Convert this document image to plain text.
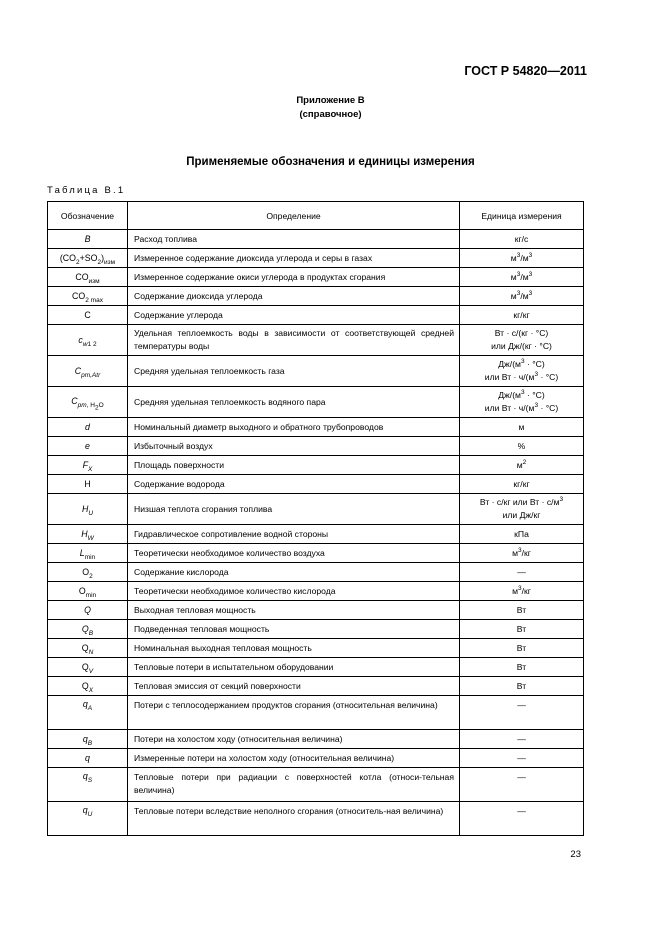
ГОСТ Р 54820—2011
Приложение В
(справочное)
Применяемые обозначения и единицы измерения
Таблица В.1
Обозначение	Определение	Единица измерения
B	Расход топлива	кг/с
$(CO_2+SO_2)_{изм}$	Измеренное содержание диоксида углерода и серы в газах	$м^3/м^3$
$CO_{изм}$	Измеренное содержание окиси углерода в продуктах сгорания	$м^3/м^3$
$CO_{2 max}$	Содержание диоксида углерода	$м^3/м^3$
C	Содержание углерода	кг/кг
$c_{w1 2}$	Удельная теплоемкость воды в зависимости от соответствующей средней температуры воды	Вт · с/(кг · °С)
или Дж/(кг · °С)
$C_{pm,Atr}$	Средняя удельная теплоемкость газа	$Дж/(м^3 \cdot ^\circ С)$
или Вт · $ч/(м^3 \cdot ^\circ С)$
$C_{pm, H_2O}$	Средняя удельная теплоемкость водяного пара	$Дж/(м^3 \cdot ^\circ С)$
или Вт · $ч/(м^3 \cdot ^\circ С)$
d	Номинальный диаметр выходного и обратного трубопроводов	м
e	Избыточный воздух	%
$F_X$	Площадь поверхности	$м^2$
H	Содержание водорода	кг/кг
$H_U$	Низшая теплота сгорания топлива	Вт · с/кг или Вт · $с/м^3$
или Дж/кг
$H_W$	Гидравлическое сопротивление водной стороны	кПа
$L_{min}$	Теоретически необходимое количество воздуха	$м^3/кг$
$O_2$	Содержание кислорода	—
$O_{min}$	Теоретически необходимое количество кислорода	$м^3/кг$
Q	Выходная тепловая мощность	Вт
$Q_B$	Подведенная тепловая мощность	Вт
$Q_N$	Номинальная выходная тепловая мощность	Вт
$Q_V$	Тепловые потери в испытательном оборудовании	Вт
$Q_X$	Тепловая эмиссия от секций поверхности	Вт
$q_A$	Потери с теплосодержанием продуктов сгорания (относительная величина)	—
$q_B$	Потери на холостом ходу (относительная величина)	—
q	Измеренные потери на холостом ходу (относительная величина)	—
$q_S$	Тепловые потери при радиации с поверхностей котла (относи-тельная величина)	—
$q_U$	Тепловые потери вследствие неполного сгорания (относитель-ная величина)	—
23
